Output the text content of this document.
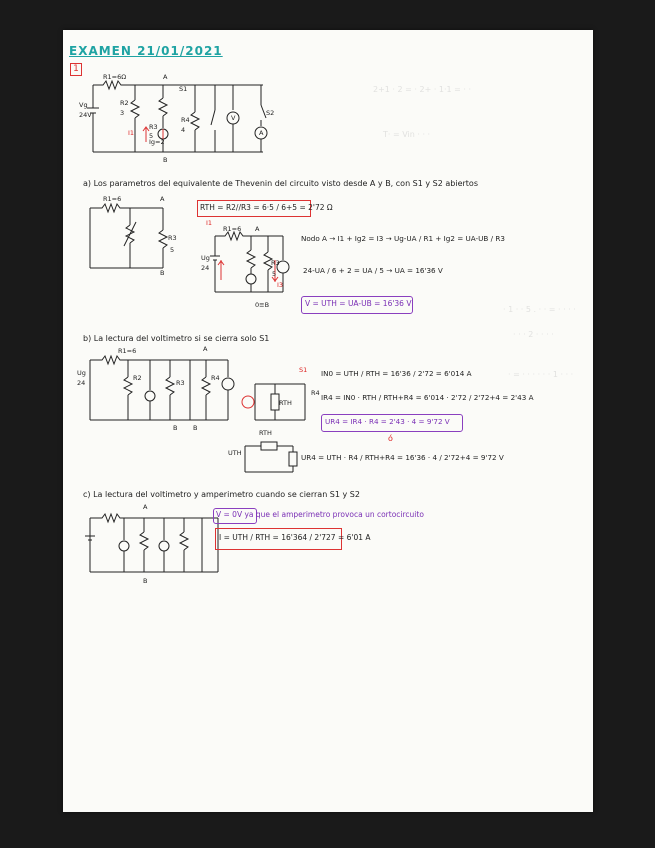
2+1 · 2 = · 2+ · 1·1 = · ·
T· = Vin · · ·
· 1 · · 5 . · · = · · · ·
· · · 2 · · · ·
· = · · · · · · 1 · · ·
EXAMEN 21/01/2021
1
R1=6Ω
Vg
24V
R2
3
R3
5
R4
4
A
B
S1
S2
I1
Ig=2
V
A
a) Los parametros del equivalente de Thevenin del circuito visto desde A y B, con S1 y S2 abiertos
R1=6	A
R3
5
B
RTH = R2//R3 = 6·5 / 6+5 = 2'72 Ω
R1=6 A
I1
I3
Ug
24
R3
5
0≡B
Nodo A → I1 + Ig2 = I3 → Ug-UA / R1 + Ig2 = UA-UB / R3
24-UA / 6 + 2 = UA / 5 → UA = 16'36 V
V = UTH = UA-UB = 16'36 V
b) La lectura del voltimetro si se cierra solo S1
R1=6	A
Ug
24
R2
R3
R4
B B
RTH
R4
S1
RTH
UTH
IN0 = UTH / RTH = 16'36 / 2'72 = 6'014 A
IR4 = IN0 · RTH / RTH+R4 = 6'014 · 2'72 / 2'72+4 = 2'43 A
UR4 = IR4 · R4 = 2'43 · 4 = 9'72 V
ó
UR4 = UTH · R4 / RTH+R4 = 16'36 · 4 / 2'72+4 = 9'72 V
c) La lectura del voltimetro y amperimetro cuando se cierran S1 y S2
A
B
V = 0V ya que el amperimetro provoca un cortocircuito
I = UTH / RTH = 16'364 / 2'727 = 6'01 A
